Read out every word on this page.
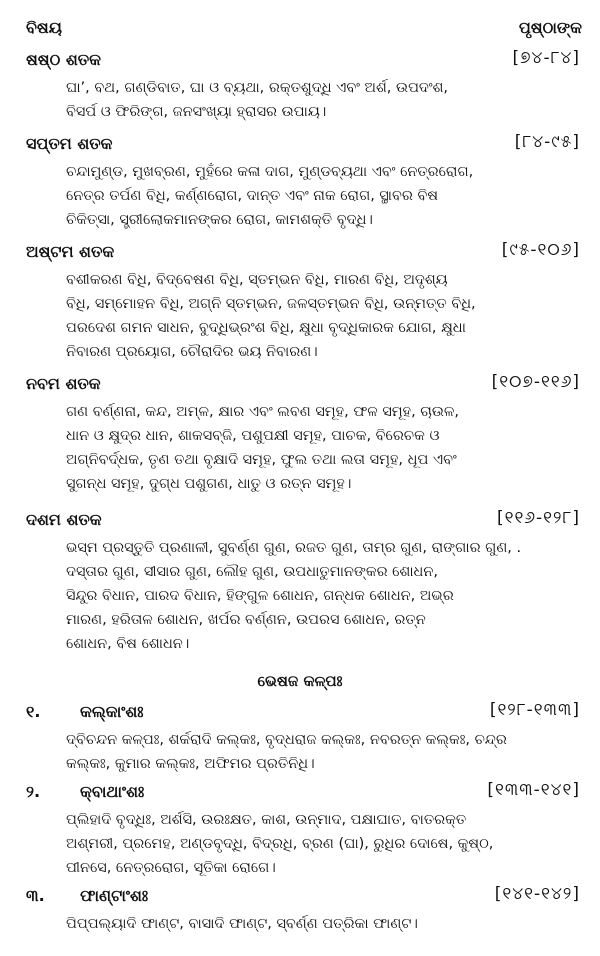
ବିଷୟ	ପୃଷ୍ଠାଙ୍କ
ଷଷ୍ଠ ଶତକ	[୭୪-୮୪]
ଘା’, ବଥ, ଗଣ୍ଡିବାତ, ଘା ଓ ବ୍ୟଥା, ରକ୍ତଶୁଦ୍ଧି ଏବଂ ଅର୍ଶ, ଉପଦଂଶ,
ବିସର୍ପ ଓ ଫିରିଙ୍ଗ, ଜନସଂଖ୍ୟା ହ୍ରାସର ଉପାୟ।
ସପ୍ତମ ଶତକ	[୮୪-୯୫]
ଚନ୍ଦାମୁଣ୍ଡ, ମୁଖବ୍ରଣ, ମୁହଁରେ କଳା ଦାଗ, ମୁଣ୍ଡବ୍ୟଥା ଏବଂ ନେତ୍ରରୋଗ,
ନେତ୍ର ତର୍ପଣ ବିଧି, କର୍ଣ୍ଣରୋଗ, ଦାନ୍ତ ଏବଂ ନାକ ରୋଗ, ସ୍ଥାବର ବିଷ
ଚିକିତ୍ସା, ସ୍ତ୍ରୀଲୋକମାନଙ୍କର ରୋଗ, କାମଶକ୍ତି ବୃଦ୍ଧି।
ଅଷ୍ଟମ ଶତକ	[୯୫-୧୦୬]
ବଶୀକରଣ ବିଧି, ବିଦ୍ବେଷଣ ବିଧି, ସ୍ତମ୍ଭନ ବିଧି, ମାରଣ ବିଧି, ଅଦୃଶ୍ୟ
ବିଧି, ସମ୍ମୋହନ ବିଧି, ଅଗ୍ନି ସ୍ତମ୍ଭନ, ଜଳସ୍ତମ୍ଭନ ବିଧି, ଉନ୍ମତ୍ତ ବିଧି,
ପରଦେଶ ଗମନ ସାଧନ, ବୁଦ୍ଧିଭ୍ରଂଶ ବିଧି, କ୍ଷୁଧା ବୃଦ୍ଧିକାରକ ଯୋଗ, କ୍ଷୁଧା
ନିବାରଣ ପ୍ରୟୋଗ, ଚୌରାଦିର ଭୟ ନିବାରଣ।
ନବମ ଶତକ	[୧୦୭-୧୧୬]
ଗଣ ବର୍ଣ୍ଣନା, କନ୍ଦ, ଅମ୍ଳ, କ୍ଷାର ଏବଂ ଲବଣ ସମୂହ, ଫଳ ସମୂହ, ଚାଉଳ,
ଧାନ ଓ କ୍ଷୁଦ୍ର ଧାନ, ଶାକସବ୍ଜି, ପଶୁପକ୍ଷୀ ସମୂହ, ପାଚକ, ବିରେଚକ ଓ
ଅଗ୍ନିବର୍ଦ୍ଧକ, ତୃଣ ତଥା ବୃକ୍ଷାଦି ସମୂହ, ଫୁଲ ତଥା ଲତା ସମୂହ, ଧୂପ ଏବଂ
ସୁଗନ୍ଧ ସମୂହ, ଦୁଗ୍ଧ ପଶୁଗଣ, ଧାତୁ ଓ ରତ୍ନ ସମୂହ।
ଦଶମ ଶତକ	[୧୧୬-୧୨୮]
ଭସ୍ମ ପ୍ରସ୍ତୁତି ପ୍ରଣାଳୀ, ସୁବର୍ଣ୍ଣ ଗୁଣ, ରଜତ ଗୁଣ, ତାମ୍ର ଗୁଣ, ରାଙ୍ଗାର ଗୁଣ, .
ଦସ୍ତାର ଗୁଣ, ସୀସାର ଗୁଣ, ଲୌହ ଗୁଣ, ଉପଧାତୁମାନଙ୍କର ଶୋଧନ,
ସିନ୍ଦୁର ବିଧାନ, ପାରଦ ବିଧାନ, ହିଙ୍ଗୁଳ ଶୋଧନ, ଗନ୍ଧକ ଶୋଧନ, ଅଭ୍ର
ମାରଣ, ହରିତାଳ ଶୋଧନ, ଖର୍ପର ବର୍ଣ୍ଣନ, ଉପରସ ଶୋଧନ, ରତ୍ନ
ଶୋଧନ, ବିଷ ଶୋଧନ।
ଭେଷଜ କଳ୍ପଃ
୧. କଲ୍କାଂଶଃ	[୧୨୮-୧୩୩]
ଦ୍ବିଚନ୍ଦନ କଳ୍ପଃ, ଶର୍କରାଦି କଲ୍କଃ, ବୃଦ୍ଧରାଜ କଲ୍କଃ, ନବରତ୍ନ କଲ୍କଃ, ଚନ୍ଦ୍ର
କଲ୍କଃ, କୁମାର କଲ୍କଃ, ଅଫିମର ପ୍ରତିନିଧି।
୨. କ୍ବାଥାଂଶଃ	[୧୩୩-୧୪୧]
ପ୍ଲିହାଦି ବୃଦ୍ଧିଃ, ଅର୍ଶସି, ଉରଃକ୍ଷତ, କାଶ, ଉନ୍ମାଦ, ପକ୍ଷାଘାତ, ବାତରକ୍ତ
ଅଶ୍ମରୀ, ପ୍ରମେହ, ଅଣ୍ଡବୃଦ୍ଧି, ବିଦ୍ରଧି, ବ୍ରଣ (ଘା), ରୁଧିର ଦୋଷେ, କୁଷ୍ଠ,
ପୀନସେ, ନେତ୍ରରୋଗ, ସୂତିକା ରୋଗେ।
୩. ଫାଣ୍ଟାଂଶଃ	[୧୪୧-୧୪୨]
ପିପ୍ପଲ୍ୟାଦି ଫାଣ୍ଟ, ବାସାଦି ଫାଣ୍ଟ, ସ୍ବର୍ଣ୍ଣ ପତ୍ରିକା ଫାଣ୍ଟ।
